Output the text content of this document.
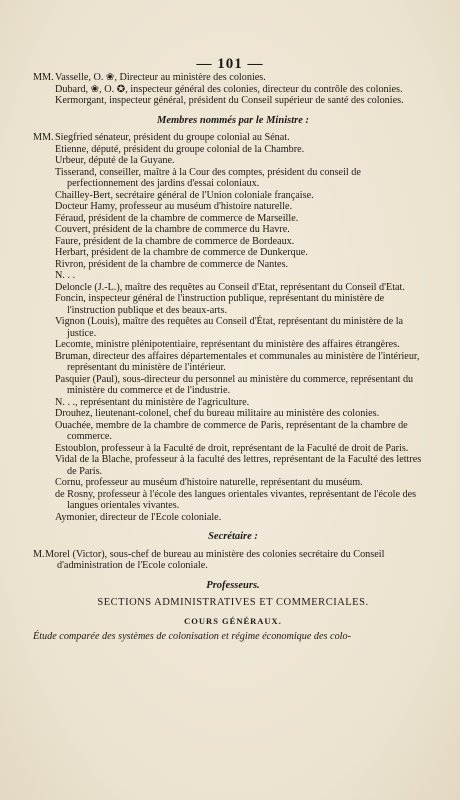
— 101 —
MM. Vasselle, O. ❀, Directeur au ministère des colonies.
Dubard, ❀, O. ✪, inspecteur général des colonies, directeur du contrôle des colonies.
Kermorgant, inspecteur général, président du Conseil supérieur de santé des colonies.
Membres nommés par le Ministre :
MM. Siegfried sénateur, président du groupe colonial au Sénat.
Etienne, député, président du groupe colonial de la Chambre.
Urbeur, député de la Guyane.
Tisserand, conseiller, maître à la Cour des comptes, président du conseil de perfectionnement des jardins d'essai coloniaux.
Chailley-Bert, secrétaire général de l'Union coloniale française.
Docteur Hamy, professeur au muséum d'histoire naturelle.
Féraud, président de la chambre de commerce de Marseille.
Couvert, président de la chambre de commerce du Havre.
Faure, président de la chambre de commerce de Bordeaux.
Herbart, président de la chambre de commerce de Dunkerque.
Rivron, président de la chambre de commerce de Nantes.
N. . .
Deloncle (J.-L.), maître des requêtes au Conseil d'Etat, représentant du Conseil d'Etat.
Foncin, inspecteur général de l'instruction publique, représentant du ministère de l'instruction publique et des beaux-arts.
Vignon (Louis), maître des requêtes au Conseil d'État, représentant du ministère de la justice.
Lecomte, ministre plénipotentiaire, représentant du ministère des affaires étrangères.
Bruman, directeur des affaires départementales et communales au ministère de l'intérieur, représentant du ministère de l'intérieur.
Pasquier (Paul), sous-directeur du personnel au ministère du commerce, représentant du ministère du commerce et de l'industrie.
N. . ., représentant du ministère de l'agriculture.
Drouhez, lieutenant-colonel, chef du bureau militaire au ministère des colonies.
Ouachée, membre de la chambre de commerce de Paris, représentant de la chambre de commerce.
Estoublon, professeur à la Faculté de droit, représentant de la Faculté de droit de Paris.
Vidal de la Blache, professeur à la faculté des lettres, représentant de la Faculté des lettres de Paris.
Cornu, professeur au muséum d'histoire naturelle, représentant du muséum.
de Rosny, professeur à l'école des langues orientales vivantes, représentant de l'école des langues orientales vivantes.
Aymonier, directeur de l'Ecole coloniale.
Secrétaire :
M. Morel (Victor), sous-chef de bureau au ministère des colonies secrétaire du Conseil d'administration de l'Ecole coloniale.
Professeurs.
SECTIONS ADMINISTRATIVES ET COMMERCIALES.
COURS GÉNÉRAUX.
Étude comparée des systèmes de colonisation et régime économique des colo-
